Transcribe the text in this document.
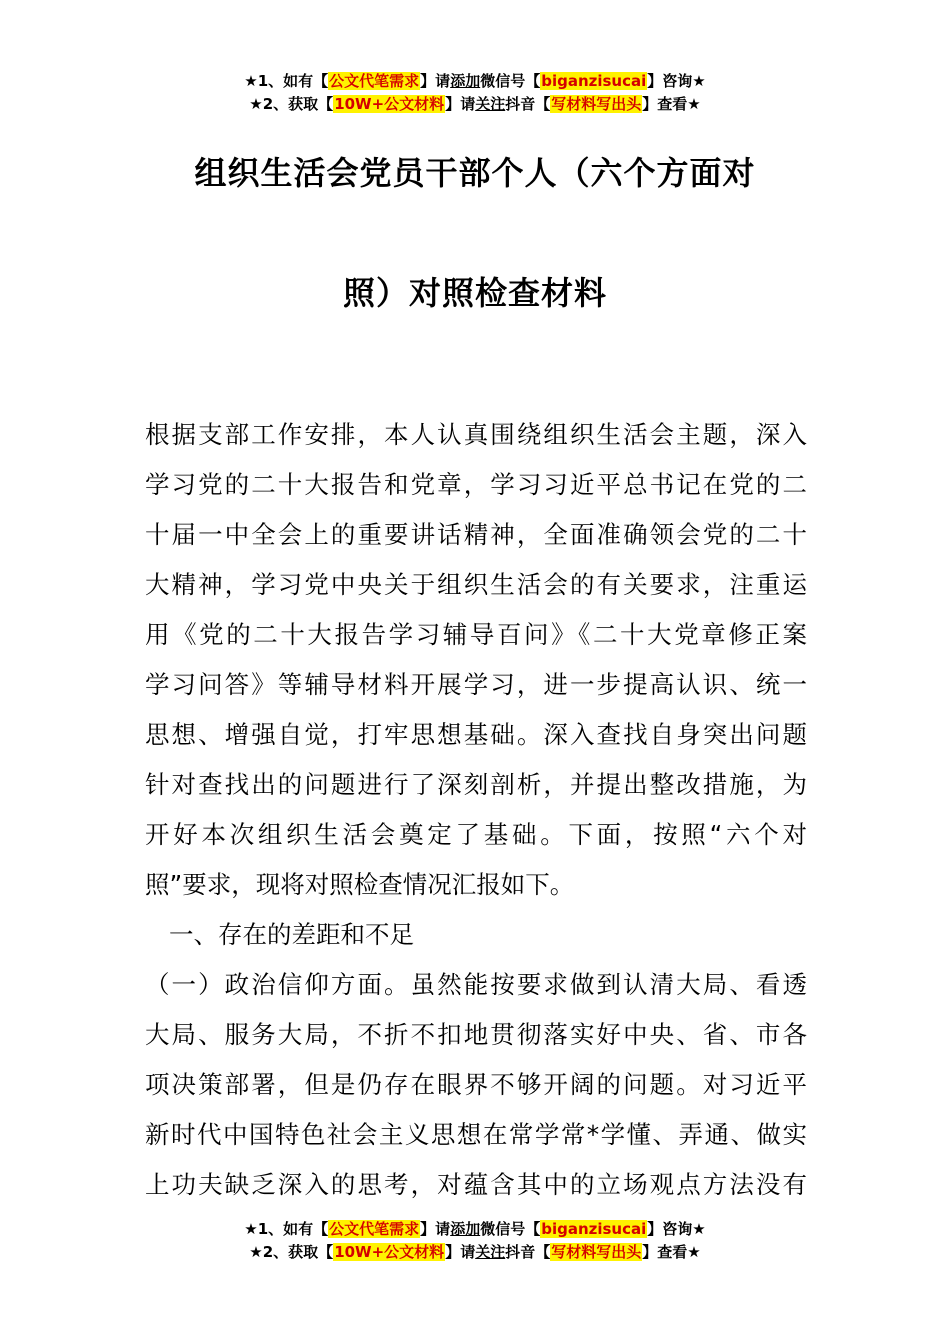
★1、如有【公文代笔需求】请添加微信号【biganzisucai】咨询★
★2、获取【10W+公文材料】请关注抖音【写材料写出头】查看★
组织生活会党员干部个人（六个方面对
照）对照检查材料
根据支部工作安排，本人认真围绕组织生活会主题，深入
学习党的二十大报告和党章，学习习近平总书记在党的二
十届一中全会上的重要讲话精神，全面准确领会党的二十
大精神，学习党中央关于组织生活会的有关要求，注重运
用《党的二十大报告学习辅导百问》《二十大党章修正案
学习问答》等辅导材料开展学习，进一步提高认识、统一
思想、增强自觉，打牢思想基础。深入查找自身突出问题
针对查找出的问题进行了深刻剖析，并提出整改措施，为
开好本次组织生活会奠定了基础。下面，按照“六个对
照”要求，现将对照检查情况汇报如下。
一、存在的差距和不足
（一）政治信仰方面。虽然能按要求做到认清大局、看透
大局、服务大局，不折不扣地贯彻落实好中央、省、市各
项决策部署，但是仍存在眼界不够开阔的问题。对习近平
新时代中国特色社会主义思想在常学常*学懂、弄通、做实
上功夫缺乏深入的思考，对蕴含其中的立场观点方法没有
★1、如有【公文代笔需求】请添加微信号【biganzisucai】咨询★
★2、获取【10W+公文材料】请关注抖音【写材料写出头】查看★
